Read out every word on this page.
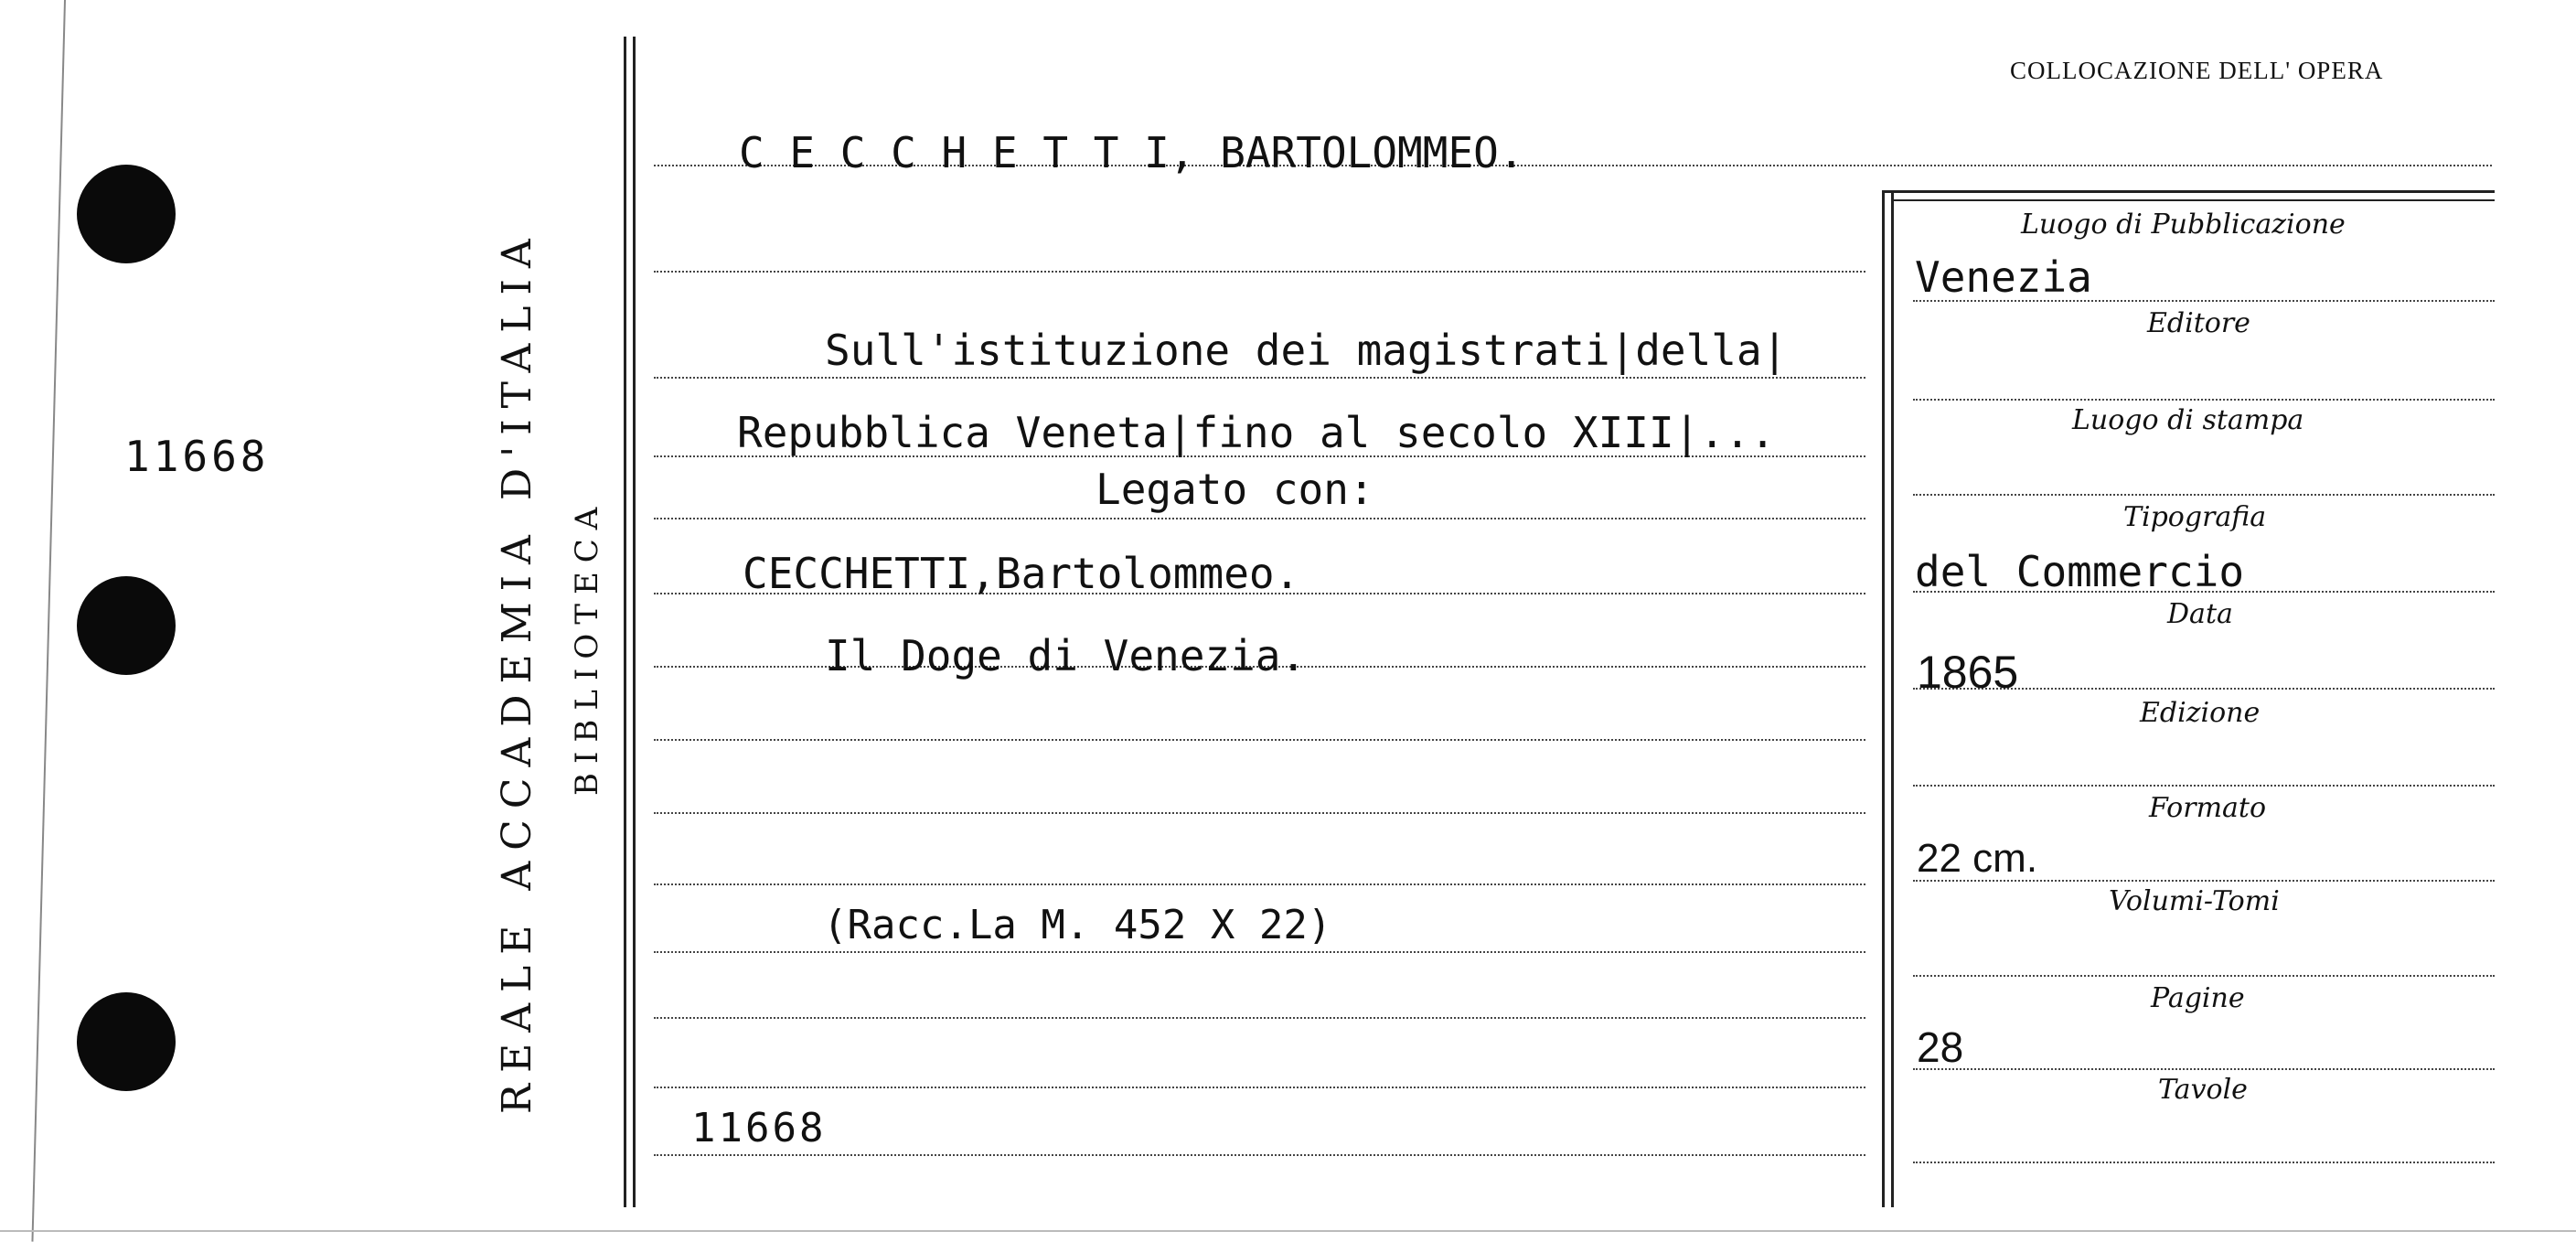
11668	REALE ACCADEMIA D'ITALIA BIBLIOTECA
COLLOCAZIONE DELL' OPERA
C E C C H E T T I, BARTOLOMMEO.
Sull'istituzione dei magistrati|della|
Repubblica Veneta|fino al secolo XIII|...
Legato con:
CECCHETTI,Bartolommeo.
Il Doge di Venezia.
(Racc.La M. 452 X 22)
11668
Luogo di Pubblicazione
Editore
Luogo di stampa
Tipografia
Data
Edizione
Formato
Volumi-Tomi
Pagine
Tavole
Venezia
del Commercio
1865
22 cm.
28
